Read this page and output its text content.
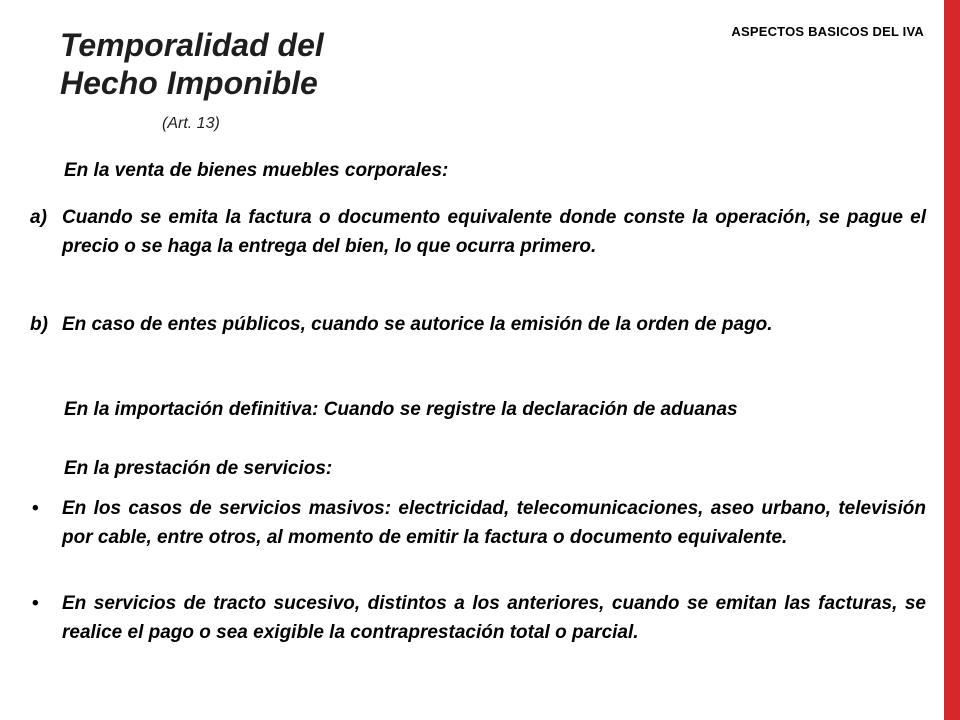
ASPECTOS BASICOS DEL IVA
Temporalidad del
Hecho Imponible
(Art. 13)
En la venta de bienes muebles corporales:
a) Cuando se emita la factura o documento equivalente donde conste la operación, se pague el precio o se haga la entrega del bien, lo que ocurra primero.
b) En caso de entes públicos, cuando se autorice la emisión de la orden de pago.
En la importación definitiva: Cuando se registre la declaración de aduanas
En la prestación de servicios:
•	En los casos de servicios masivos: electricidad, telecomunicaciones, aseo urbano, televisión por cable, entre otros, al momento de emitir la factura o documento equivalente.
•	En servicios de tracto sucesivo, distintos a los anteriores, cuando se emitan las facturas, se realice el pago o sea exigible la contraprestación total o parcial.
